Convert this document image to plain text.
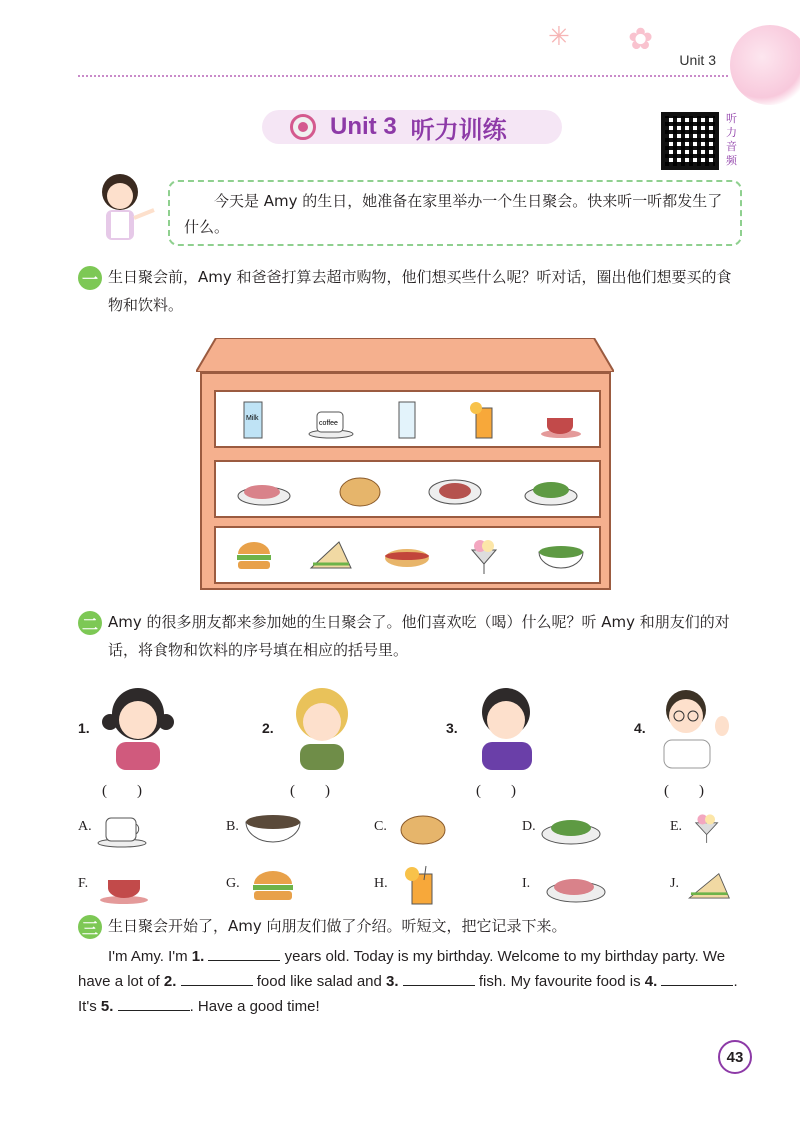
✳ ✿
Unit 3
Unit 3 听力训练	听力音频
今天是 Amy 的生日，她准备在家里举办一个生日聚会。快来听一听都发生了什么。
一 生日聚会前，Amy 和爸爸打算去超市购物，他们想买些什么呢？听对话，圈出他们想要买的食物和饮料。
Milk
coffee
二 Amy 的很多朋友都来参加她的生日聚会了。他们喜欢吃（喝）什么呢？听 Amy 和朋友们的对话，将食物和饮料的序号填在相应的括号里。
1.
(　　)
2.
(　　)
3.
(　　)
4.
(　　)
A.	B.	C.	D.	E.
F.	G.	H.	I.	J.
三 生日聚会开始了，Amy 向朋友们做了介绍。听短文，把它记录下来。
I'm Amy. I'm 1.	years old. Today is my birthday. Welcome to my birthday party. We have a lot of 2.	food like salad and 3.	fish. My favourite food is 4.	. It's 5.	. Have a good time!
43
